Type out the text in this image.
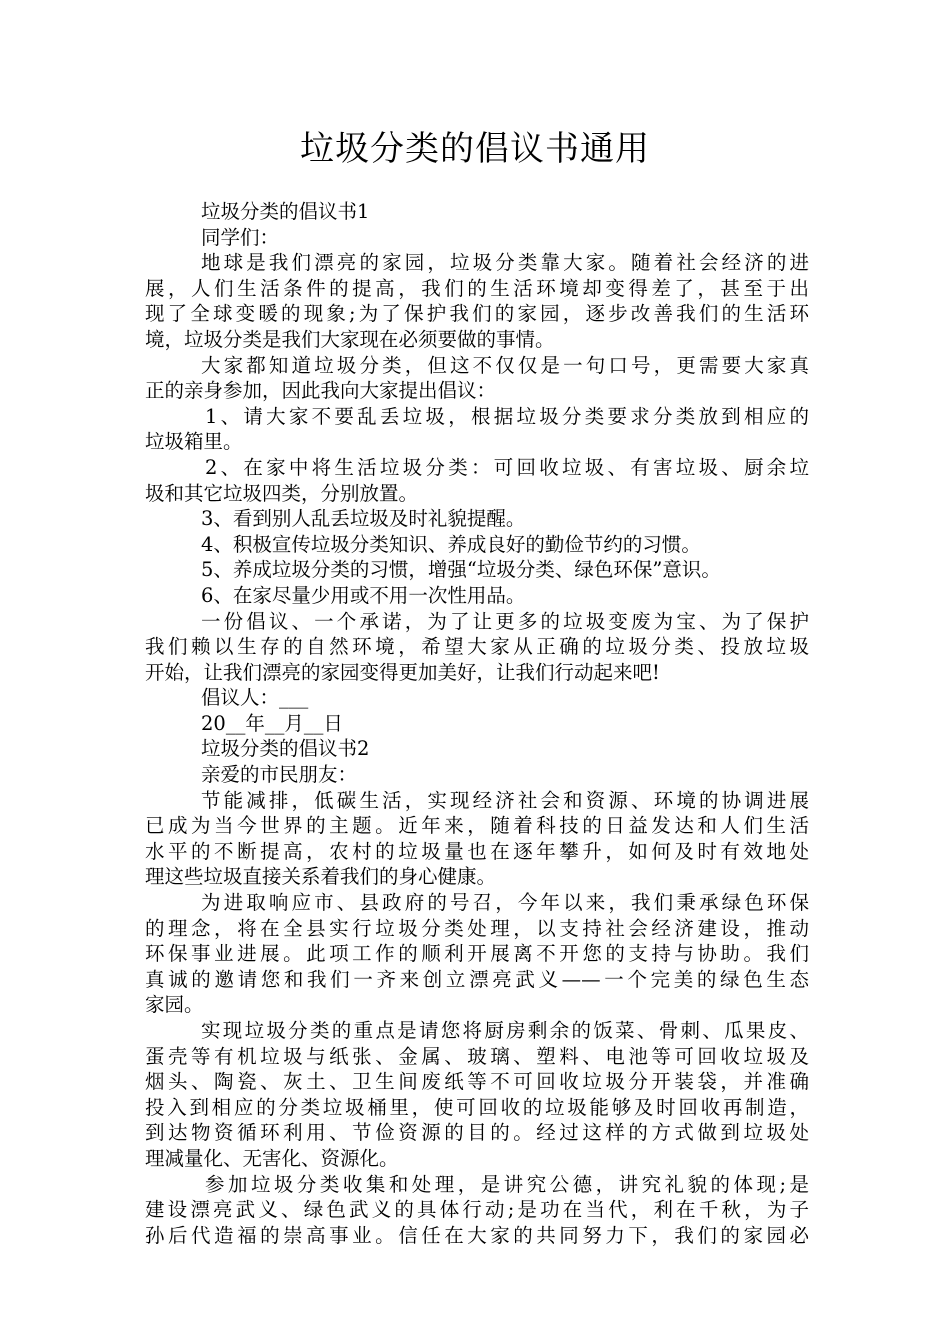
垃圾分类的倡议书通用
垃圾分类的倡议书1
同学们：
地球是我们漂亮的家园，垃圾分类靠大家。随着社会经济的进
展，人们生活条件的提高，我们的生活环境却变得差了，甚至于出
现了全球变暖的现象;为了保护我们的家园，逐步改善我们的生活环
境，垃圾分类是我们大家现在必须要做的事情。
大家都知道垃圾分类，但这不仅仅是一句口号，更需要大家真
正的亲身参加，因此我向大家提出倡议：
1、请大家不要乱丢垃圾，根据垃圾分类要求分类放到相应的
垃圾箱里。
2、在家中将生活垃圾分类：可回收垃圾、有害垃圾、厨余垃
圾和其它垃圾四类，分别放置。
3、看到别人乱丢垃圾及时礼貌提醒。
4、积极宣传垃圾分类知识、养成良好的勤俭节约的习惯。
5、养成垃圾分类的习惯，增强“垃圾分类、绿色环保”意识。
6、在家尽量少用或不用一次性用品。
一份倡议、一个承诺，为了让更多的垃圾变废为宝、为了保护
我们赖以生存的自然环境，希望大家从正确的垃圾分类、投放垃圾
开始，让我们漂亮的家园变得更加美好，让我们行动起来吧!
倡议人：___
20__年__月__日
垃圾分类的倡议书2
亲爱的市民朋友：
节能减排，低碳生活，实现经济社会和资源、环境的协调进展
已成为当今世界的主题。近年来，随着科技的日益发达和人们生活
水平的不断提高，农村的垃圾量也在逐年攀升，如何及时有效地处
理这些垃圾直接关系着我们的身心健康。
为进取响应市、县政府的号召，今年以来，我们秉承绿色环保
的理念，将在全县实行垃圾分类处理，以支持社会经济建设，推动
环保事业进展。此项工作的顺利开展离不开您的支持与协助。我们
真诚的邀请您和我们一齐来创立漂亮武义——一个完美的绿色生态
家园。
实现垃圾分类的重点是请您将厨房剩余的饭菜、骨刺、瓜果皮、
蛋壳等有机垃圾与纸张、金属、玻璃、塑料、电池等可回收垃圾及
烟头、陶瓷、灰土、卫生间废纸等不可回收垃圾分开装袋，并准确
投入到相应的分类垃圾桶里，使可回收的垃圾能够及时回收再制造，
到达物资循环利用、节俭资源的目的。经过这样的方式做到垃圾处
理减量化、无害化、资源化。
参加垃圾分类收集和处理，是讲究公德，讲究礼貌的体现;是
建设漂亮武义、绿色武义的具体行动;是功在当代，利在千秋，为子
孙后代造福的崇高事业。信任在大家的共同努力下，我们的家园必
